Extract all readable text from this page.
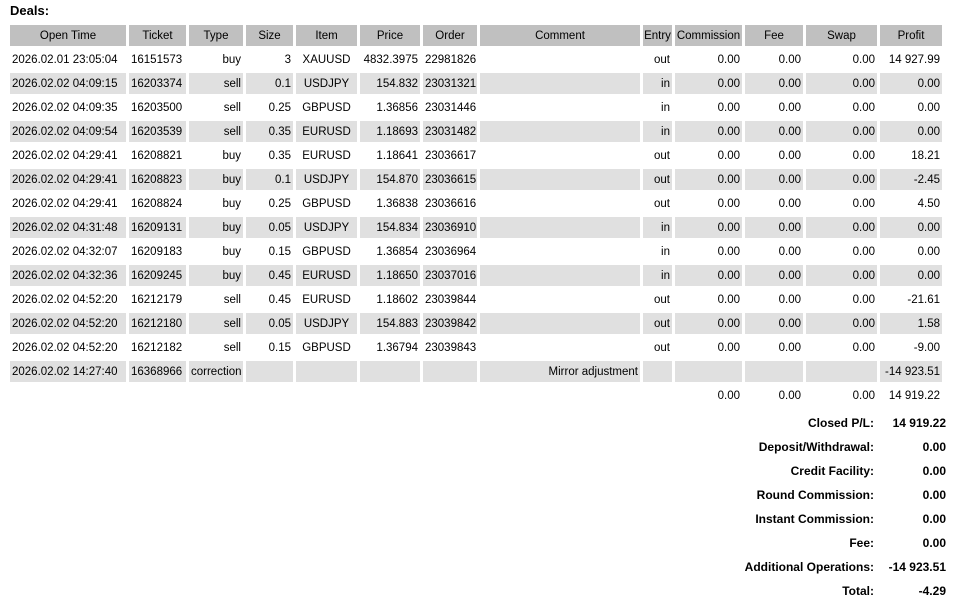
Deals:
Open Time	Ticket	Type	Size	Item	Price	Order	Comment	Entry	Commission	Fee	Swap	Profit
2026.02.01 23:05:04	16151573	buy	3	XAUUSD	4832.3975	22981826		out	0.00	0.00	0.00	14 927.99
2026.02.02 04:09:15	16203374	sell	0.1	USDJPY	154.832	23031321		in	0.00	0.00	0.00	0.00
2026.02.02 04:09:35	16203500	sell	0.25	GBPUSD	1.36856	23031446		in	0.00	0.00	0.00	0.00
2026.02.02 04:09:54	16203539	sell	0.35	EURUSD	1.18693	23031482		in	0.00	0.00	0.00	0.00
2026.02.02 04:29:41	16208821	buy	0.35	EURUSD	1.18641	23036617		out	0.00	0.00	0.00	18.21
2026.02.02 04:29:41	16208823	buy	0.1	USDJPY	154.870	23036615		out	0.00	0.00	0.00	-2.45
2026.02.02 04:29:41	16208824	buy	0.25	GBPUSD	1.36838	23036616		out	0.00	0.00	0.00	4.50
2026.02.02 04:31:48	16209131	buy	0.05	USDJPY	154.834	23036910		in	0.00	0.00	0.00	0.00
2026.02.02 04:32:07	16209183	buy	0.15	GBPUSD	1.36854	23036964		in	0.00	0.00	0.00	0.00
2026.02.02 04:32:36	16209245	buy	0.45	EURUSD	1.18650	23037016		in	0.00	0.00	0.00	0.00
2026.02.02 04:52:20	16212179	sell	0.45	EURUSD	1.18602	23039844		out	0.00	0.00	0.00	-21.61
2026.02.02 04:52:20	16212180	sell	0.05	USDJPY	154.883	23039842		out	0.00	0.00	0.00	1.58
2026.02.02 04:52:20	16212182	sell	0.15	GBPUSD	1.36794	23039843		out	0.00	0.00	0.00	-9.00
2026.02.02 14:27:40	16368966	correction					Mirror adjustment					-14 923.51
									0.00	0.00	0.00	14 919.22
Closed P/L:	14 919.22
Deposit/Withdrawal:	0.00
Credit Facility:	0.00
Round Commission:	0.00
Instant Commission:	0.00
Fee:	0.00
Additional Operations:	-14 923.51
Total:	-4.29
